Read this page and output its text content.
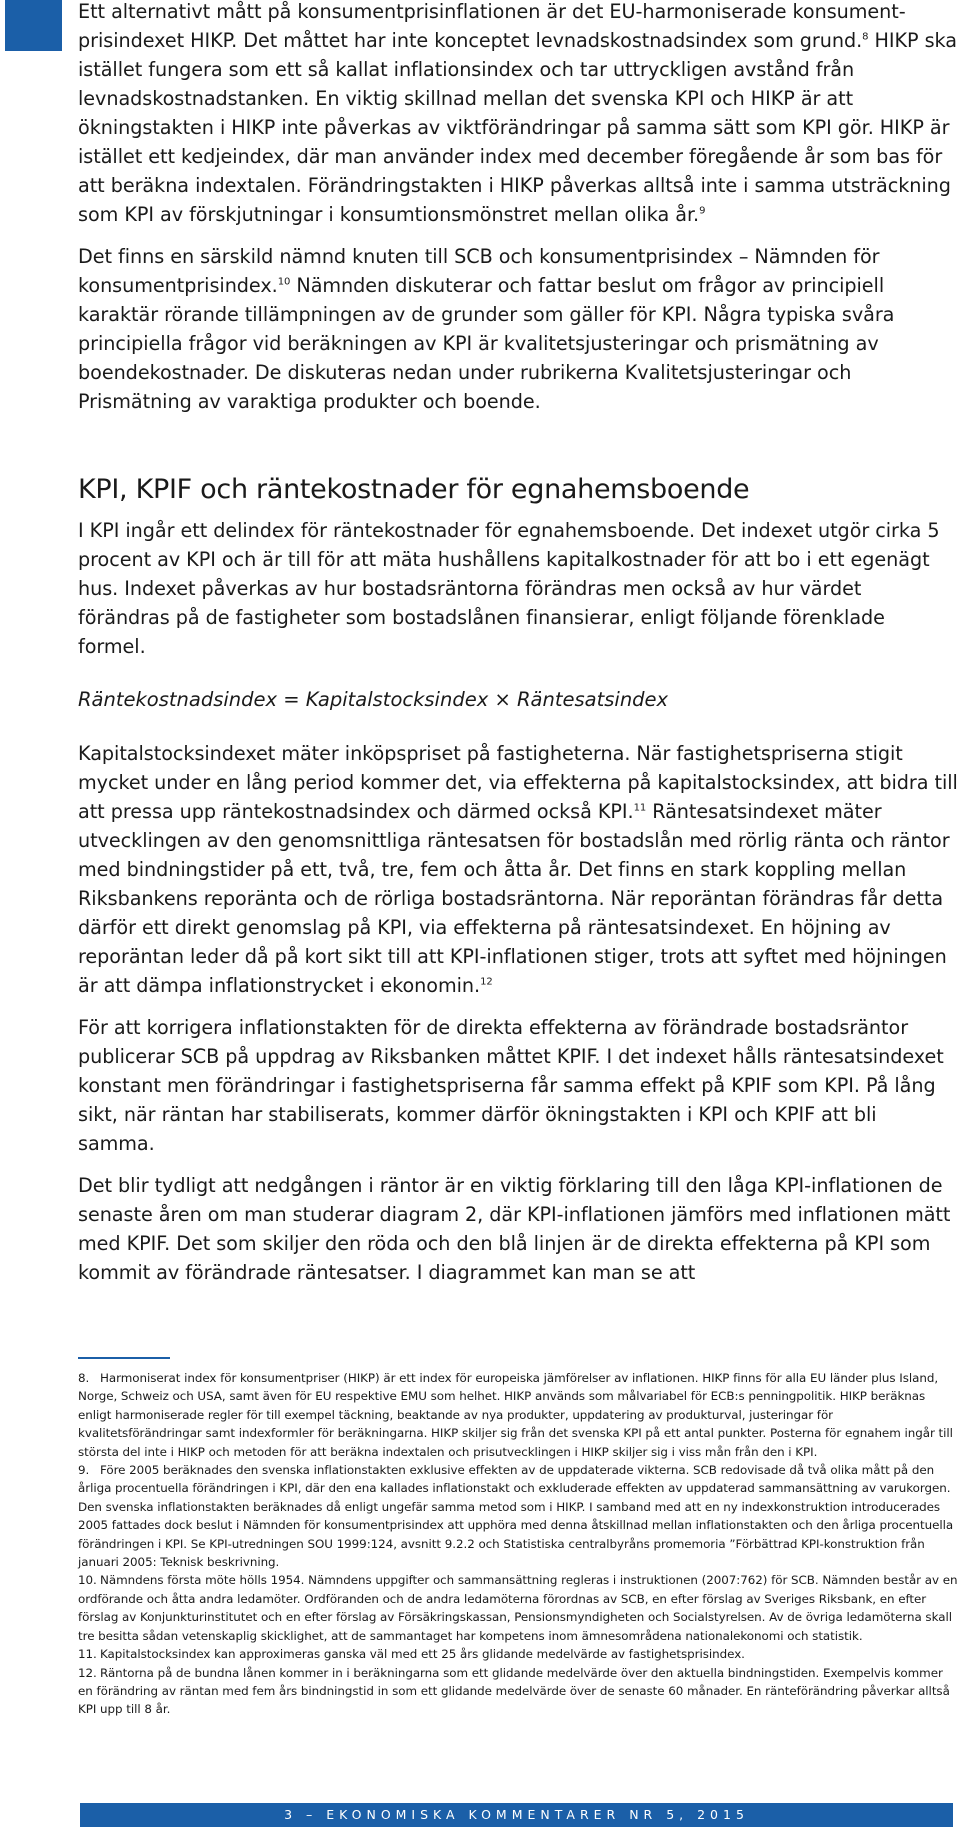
Ett alternativt mått på konsumentprisinflationen är det EU-harmoniserade konsumentprisindexet HIKP. Det måttet har inte konceptet levnadskostnadsindex som grund.$^8$ HIKP ska istället fungera som ett så kallat inflationsindex och tar uttryckligen avstånd från levnadskostnadstanken. En viktig skillnad mellan det svenska KPI och HIKP är att ökningstakten i HIKP inte påverkas av viktförändringar på samma sätt som KPI gör. HIKP är istället ett kedjeindex, där man använder index med december föregående år som bas för att beräkna indextalen. Förändringstakten i HIKP påverkas alltså inte i samma utsträckning som KPI av förskjutningar i konsumtionsmönstret mellan olika år.$^9$

Det finns en särskild nämnd knuten till SCB och konsumentprisindex – Nämnden för konsumentprisindex.$^{10}$ Nämnden diskuterar och fattar beslut om frågor av principiell karaktär rörande tillämpningen av de grunder som gäller för KPI. Några typiska svåra principiella frågor vid beräkningen av KPI är kvalitetsjusteringar och prismätning av boendekostnader. De diskuteras nedan under rubrikerna Kvalitetsjusteringar och Prismätning av varaktiga produkter och boende.

KPI, KPIF och räntekostnader för egnahemsboende

I KPI ingår ett delindex för räntekostnader för egnahemsboende. Det indexet utgör cirka 5 procent av KPI och är till för att mäta hushållens kapitalkostnader för att bo i ett egenägt hus. Indexet påverkas av hur bostadsräntorna förändras men också av hur värdet förändras på de fastigheter som bostadslånen finansierar, enligt följande förenklade formel.

Räntekostnadsindex = Kapitalstocksindex × Räntesatsindex

Kapitalstocksindexet mäter inköpspriset på fastigheterna. När fastighetspriserna stigit mycket under en lång period kommer det, via effekterna på kapitalstocksindex, att bidra till att pressa upp räntekostnadsindex och därmed också KPI.$^{11}$ Räntesatsindexet mäter utvecklingen av den genomsnittliga räntesatsen för bostadslån med rörlig ränta och räntor med bindningstider på ett, två, tre, fem och åtta år. Det finns en stark koppling mellan Riksbankens reporänta och de rörliga bostadsräntorna. När reporäntan förändras får detta därför ett direkt genomslag på KPI, via effekterna på räntesatsindexet. En höjning av reporäntan leder då på kort sikt till att KPI-inflationen stiger, trots att syftet med höjningen är att dämpa inflationstrycket i ekonomin.$^{12}$

För att korrigera inflationstakten för de direkta effekterna av förändrade bostadsräntor publicerar SCB på uppdrag av Riksbanken måttet KPIF. I det indexet hålls räntesatsindexet konstant men förändringar i fastighetspriserna får samma effekt på KPIF som KPI. På lång sikt, när räntan har stabiliserats, kommer därför ökningstakten i KPI och KPIF att bli samma.

Det blir tydligt att nedgången i räntor är en viktig förklaring till den låga KPI-inflationen de senaste åren om man studerar diagram 2, där KPI-inflationen jämförs med inflationen mätt med KPIF. Det som skiljer den röda och den blå linjen är de direkta effekterna på KPI som kommit av förändrade räntesatser. I diagrammet kan man se att

8. Harmoniserat index för konsumentpriser (HIKP) är ett index för europeiska jämförelser av inflationen. HIKP finns för alla EU länder plus Island, Norge, Schweiz och USA, samt även för EU respektive EMU som helhet. HIKP används som målvariabel för ECB:s penningpolitik. HIKP beräknas enligt harmoniserade regler för till exempel täckning, beaktande av nya produkter, uppdatering av produkturval, justeringar för kvalitetsförändringar samt indexformler för beräkningarna. HIKP skiljer sig från det svenska KPI på ett antal punkter. Posterna för egnahem ingår till största del inte i HIKP och metoden för att beräkna indextalen och prisutvecklingen i HIKP skiljer sig i viss mån från den i KPI.

9. Före 2005 beräknades den svenska inflationstakten exklusive effekten av de uppdaterade vikterna. SCB redovisade då två olika mått på den årliga procentuella förändringen i KPI, där den ena kallades inflationstakt och exkluderade effekten av uppdaterad sammansättning av varukorgen. Den svenska inflationstakten beräknades då enligt ungefär samma metod som i HIKP. I samband med att en ny indexkonstruktion introducerades 2005 fattades dock beslut i Nämnden för konsumentprisindex att upphöra med denna åtskillnad mellan inflationstakten och den årliga procentuella förändringen i KPI. Se KPI-utredningen SOU 1999:124, avsnitt 9.2.2 och Statistiska centralbyråns promemoria ”Förbättrad KPI-konstruktion från januari 2005: Teknisk beskrivning.

10. Nämndens första möte hölls 1954. Nämndens uppgifter och sammansättning regleras i instruktionen (2007:762) för SCB. Nämnden består av en ordförande och åtta andra ledamöter. Ordföranden och de andra ledamöterna förordnas av SCB, en efter förslag av Sveriges Riksbank, en efter förslag av Konjunkturinstitutet och en efter förslag av Försäkringskassan, Pensionsmyndigheten och Socialstyrelsen. Av de övriga ledamöterna skall tre besitta sådan vetenskaplig skicklighet, att de sammantaget har kompetens inom ämnesområdena nationalekonomi och statistik.

11. Kapitalstocksindex kan approximeras ganska väl med ett 25 års glidande medelvärde av fastighetsprisindex.

12. Räntorna på de bundna lånen kommer in i beräkningarna som ett glidande medelvärde över den aktuella bindningstiden. Exempelvis kommer en förändring av räntan med fem års bindningstid in som ett glidande medelvärde över de senaste 60 månader. En ränteförändring påverkar alltså KPI upp till 8 år.

3 – EKONOMISKA KOMMENTARER NR 5, 2015
